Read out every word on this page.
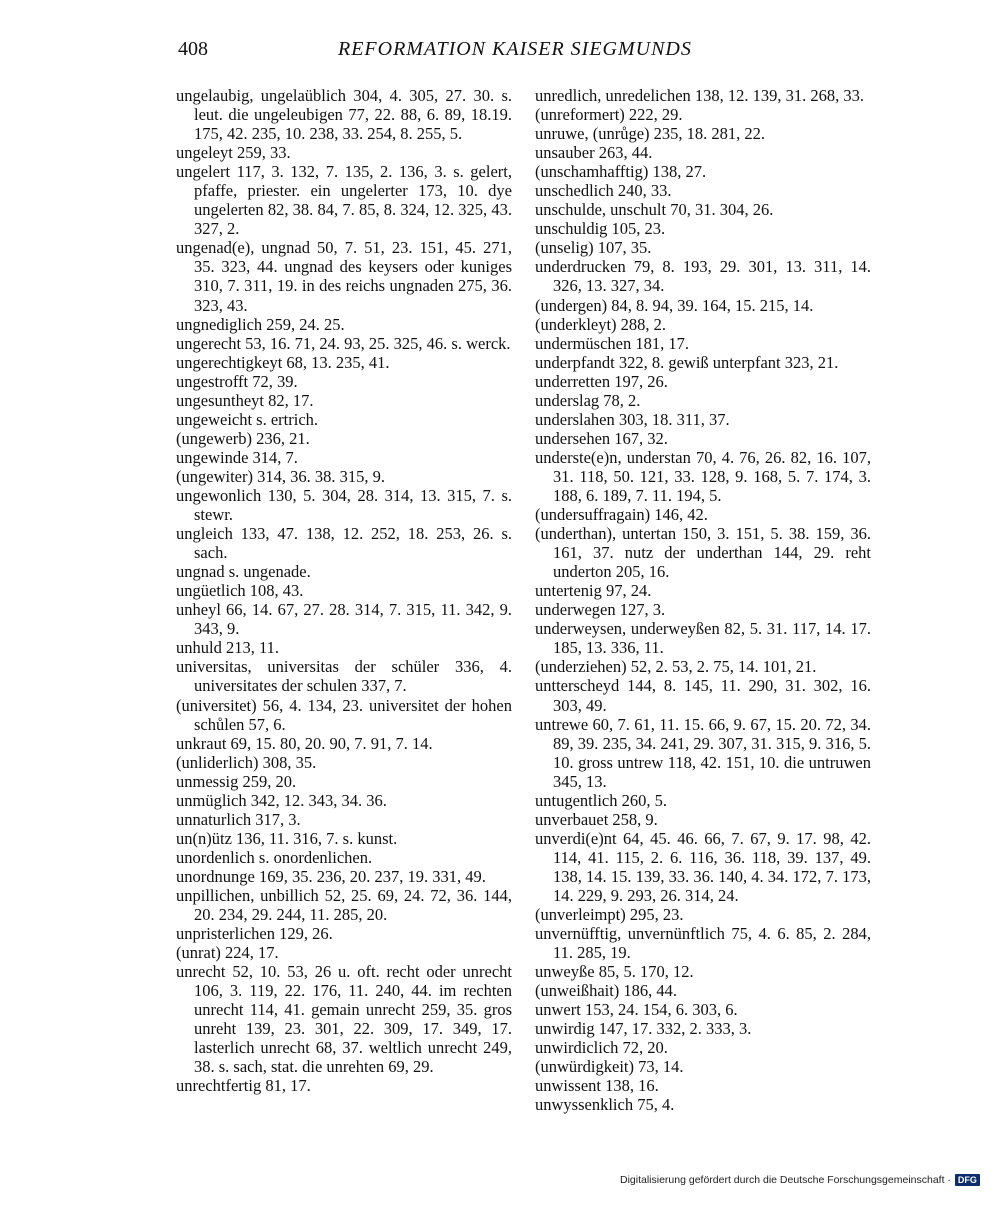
408	REFORMATION KAISER SIEGMUNDS

ungelaubig, ungelaüblich 304, 4. 305, 27. 30. s. leut. die ungeleubigen 77, 22. 88, 6. 89, 18.19. 175, 42. 235, 10. 238, 33. 254, 8. 255, 5.

ungeleyt 259, 33.

ungelert 117, 3. 132, 7. 135, 2. 136, 3. s. gelert, pfaffe, priester. ein ungelerter 173, 10. dye ungelerten 82, 38. 84, 7. 85, 8. 324, 12. 325, 43. 327, 2.

ungenad(e), ungnad 50, 7. 51, 23. 151, 45. 271, 35. 323, 44. ungnad des keysers oder kuniges 310, 7. 311, 19. in des reichs ungnaden 275, 36. 323, 43.

ungnediglich 259, 24. 25.

ungerecht 53, 16. 71, 24. 93, 25. 325, 46. s. werck.

ungerechtigkeyt 68, 13. 235, 41.

ungestrofft 72, 39.

ungesuntheyt 82, 17.

ungeweicht s. ertrich.

(ungewerb) 236, 21.

ungewinde 314, 7.

(ungewiter) 314, 36. 38. 315, 9.

ungewonlich 130, 5. 304, 28. 314, 13. 315, 7. s. stewr.

ungleich 133, 47. 138, 12. 252, 18. 253, 26. s. sach.

ungnad s. ungenade.

ungüetlich 108, 43.

unheyl 66, 14. 67, 27. 28. 314, 7. 315, 11. 342, 9. 343, 9.

unhuld 213, 11.

universitas, universitas der schüler 336, 4. universitates der schulen 337, 7.

(universitet) 56, 4. 134, 23. universitet der hohen schůlen 57, 6.

unkraut 69, 15. 80, 20. 90, 7. 91, 7. 14.

(unliderlich) 308, 35.

unmessig 259, 20.

unmüglich 342, 12. 343, 34. 36.

unnaturlich 317, 3.

un(n)ütz 136, 11. 316, 7. s. kunst.

unordenlich s. onordenlichen.

unordnunge 169, 35. 236, 20. 237, 19. 331, 49.

unpillichen, unbillich 52, 25. 69, 24. 72, 36. 144, 20. 234, 29. 244, 11. 285, 20.

unpristerlichen 129, 26.

(unrat) 224, 17.

unrecht 52, 10. 53, 26 u. oft. recht oder unrecht 106, 3. 119, 22. 176, 11. 240, 44. im rechten unrecht 114, 41. gemain unrecht 259, 35. gros unreht 139, 23. 301, 22. 309, 17. 349, 17. lasterlich unrecht 68, 37. weltlich unrecht 249, 38. s. sach, stat. die unrehten 69, 29.

unrechtfertig 81, 17.

unredlich, unredelichen 138, 12. 139, 31. 268, 33.

(unreformert) 222, 29.

unruwe, (unrůge) 235, 18. 281, 22.

unsauber 263, 44.

(unschamhafftig) 138, 27.

unschedlich 240, 33.

unschulde, unschult 70, 31. 304, 26.

unschuldig 105, 23.

(unselig) 107, 35.

underdrucken 79, 8. 193, 29. 301, 13. 311, 14. 326, 13. 327, 34.

(undergen) 84, 8. 94, 39. 164, 15. 215, 14.

(underkleyt) 288, 2.

undermüschen 181, 17.

underpfandt 322, 8. gewiß unterpfant 323, 21.

underretten 197, 26.

underslag 78, 2.

underslahen 303, 18. 311, 37.

undersehen 167, 32.

underste(e)n, understan 70, 4. 76, 26. 82, 16. 107, 31. 118, 50. 121, 33. 128, 9. 168, 5. 7. 174, 3. 188, 6. 189, 7. 11. 194, 5.

(undersuffragain) 146, 42.

(underthan), untertan 150, 3. 151, 5. 38. 159, 36. 161, 37. nutz der underthan 144, 29. reht underton 205, 16.

untertenig 97, 24.

underwegen 127, 3.

underweysen, underweyßen 82, 5. 31. 117, 14. 17. 185, 13. 336, 11.

(underziehen) 52, 2. 53, 2. 75, 14. 101, 21.

untterscheyd 144, 8. 145, 11. 290, 31. 302, 16. 303, 49.

untrewe 60, 7. 61, 11. 15. 66, 9. 67, 15. 20. 72, 34. 89, 39. 235, 34. 241, 29. 307, 31. 315, 9. 316, 5. 10. gross untrew 118, 42. 151, 10. die untruwen 345, 13.

untugentlich 260, 5.

unverbauet 258, 9.

unverdi(e)nt 64, 45. 46. 66, 7. 67, 9. 17. 98, 42. 114, 41. 115, 2. 6. 116, 36. 118, 39. 137, 49. 138, 14. 15. 139, 33. 36. 140, 4. 34. 172, 7. 173, 14. 229, 9. 293, 26. 314, 24.

(unverleimpt) 295, 23.

unvernüfftig, unvernünftlich 75, 4. 6. 85, 2. 284, 11. 285, 19.

unweyße 85, 5. 170, 12.

(unweißhait) 186, 44.

unwert 153, 24. 154, 6. 303, 6.

unwirdig 147, 17. 332, 2. 333, 3.

unwirdiclich 72, 20.

(unwürdigkeit) 73, 14.

unwissent 138, 16.

unwyssenklich 75, 4.

Digitalisierung gefördert durch die Deutsche Forschungsgemeinschaft · DFG
